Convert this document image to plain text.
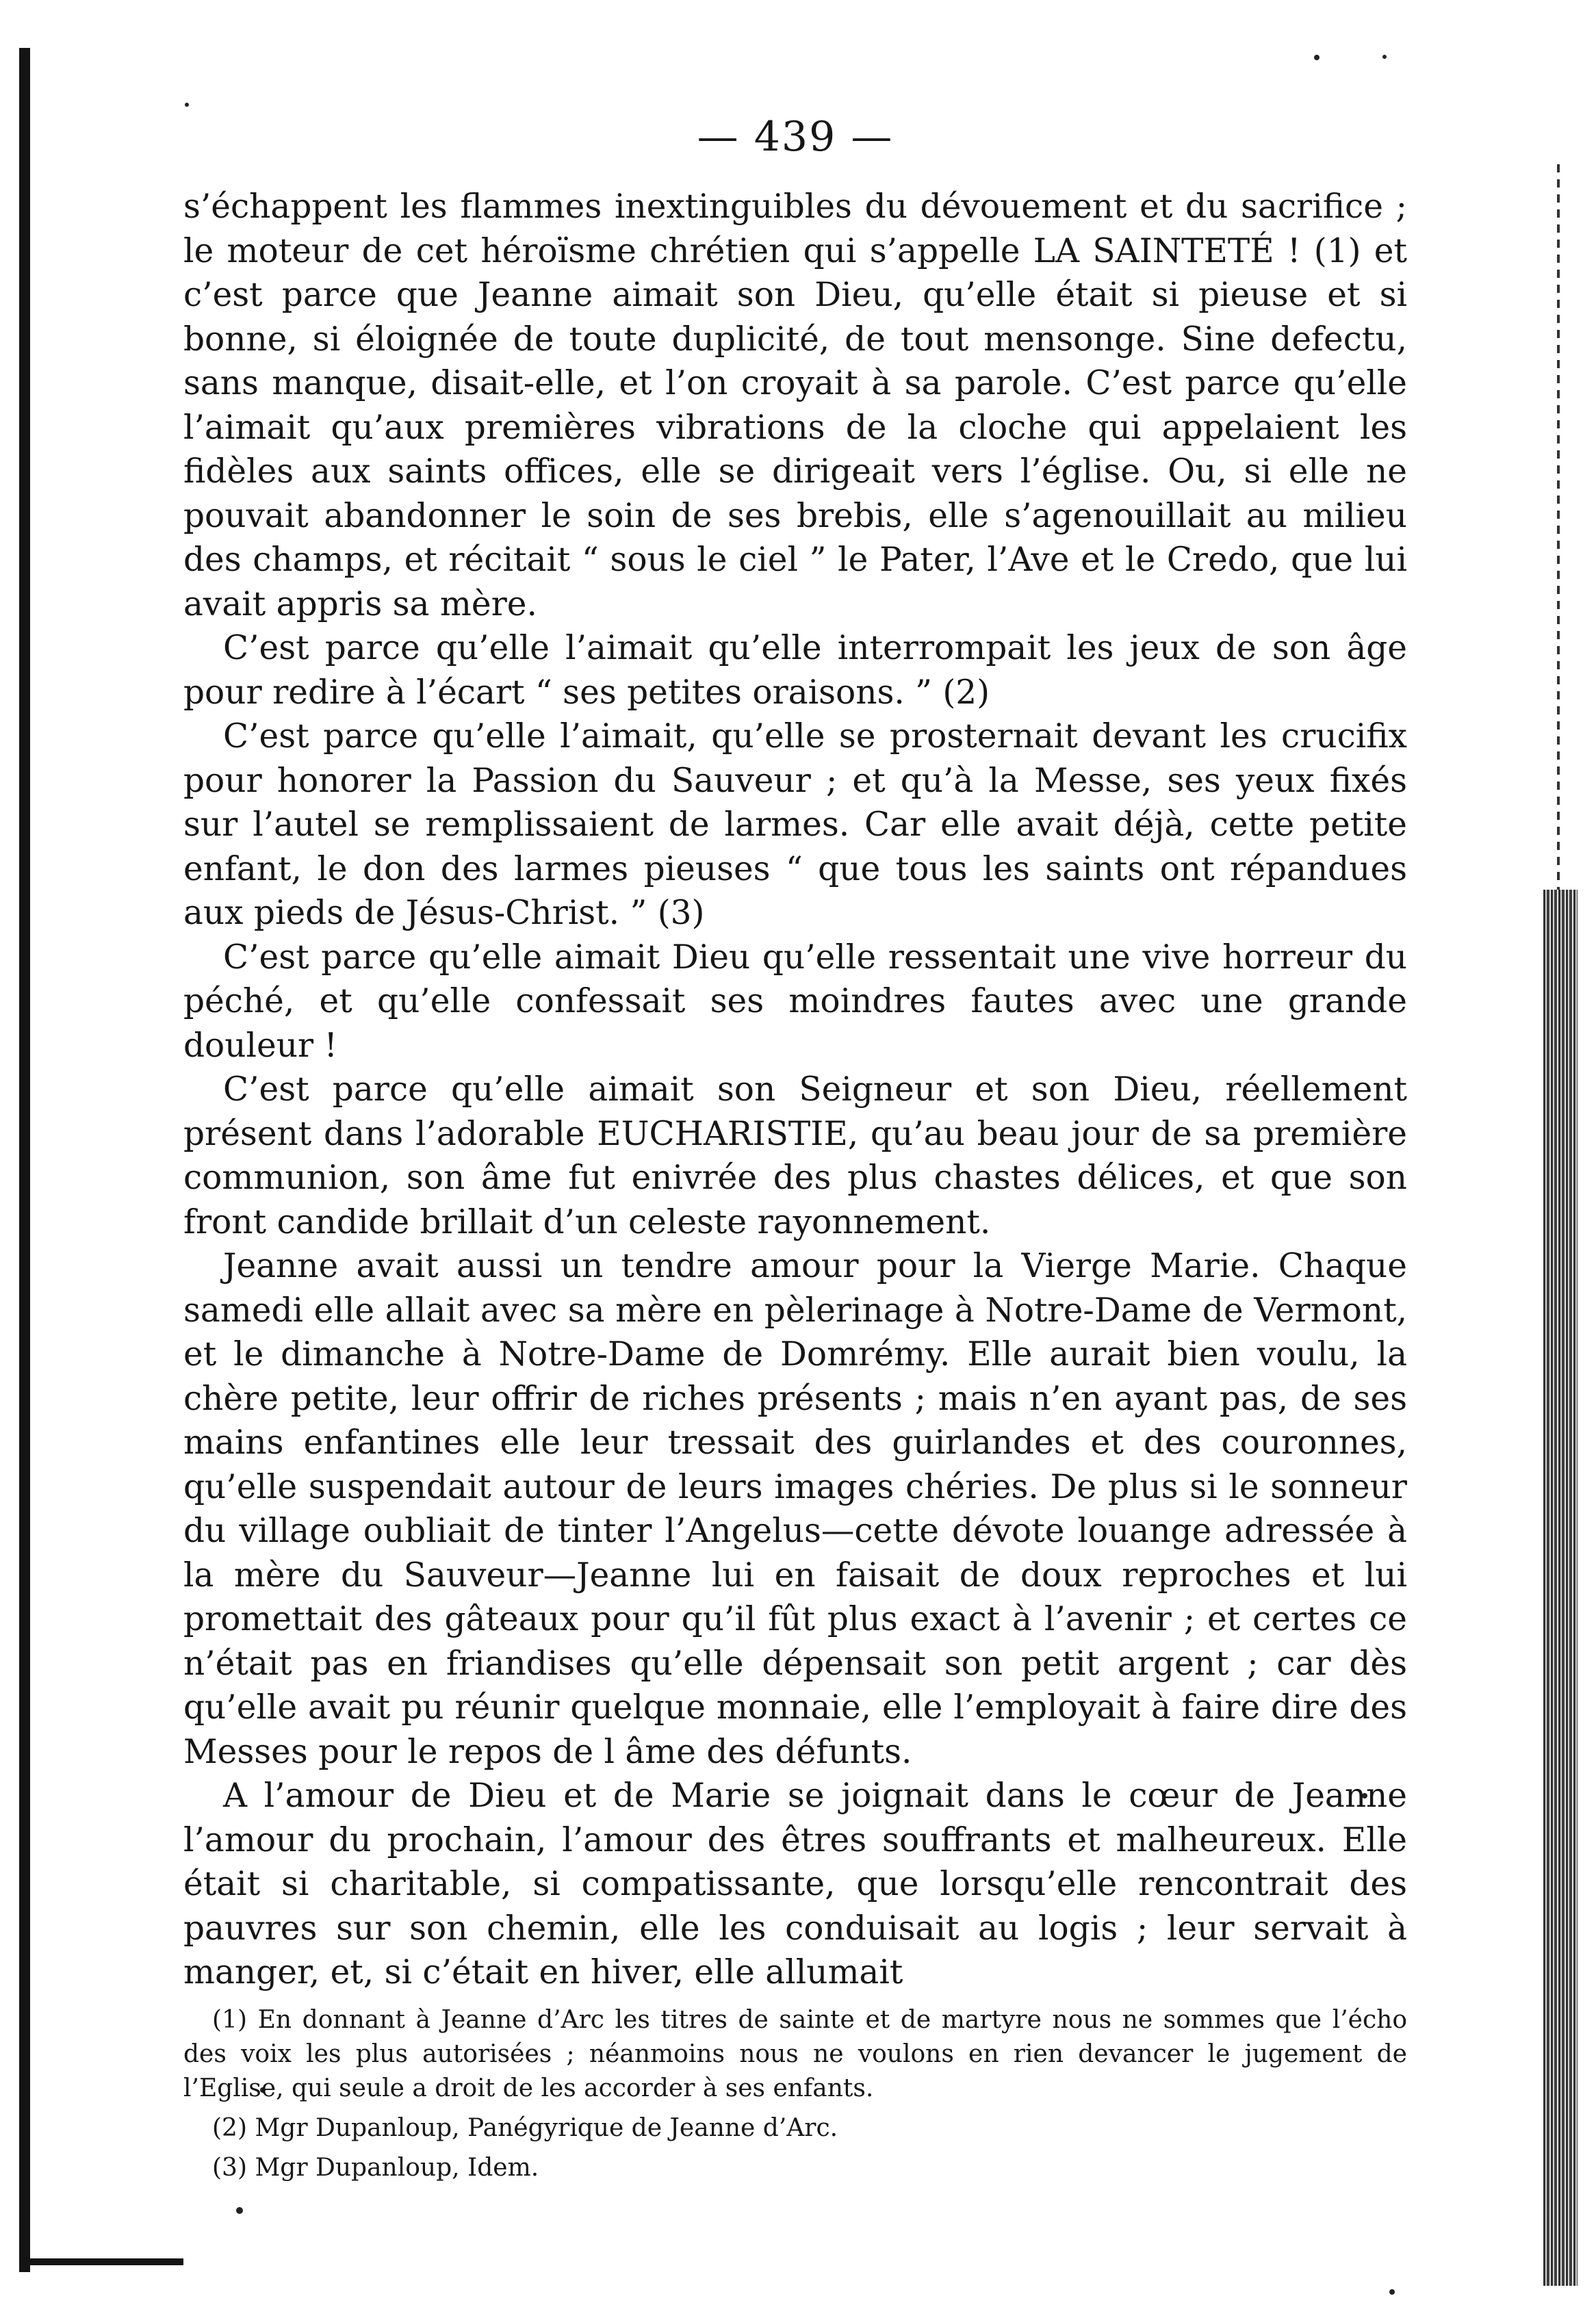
— 439 —

s’échappent les flammes inextinguibles du dévouement et du sacrifice ; le moteur de cet héroïsme chrétien qui s’appelle LA SAINTETÉ ! (1) et c’est parce que Jeanne aimait son Dieu, qu’elle était si pieuse et si bonne, si éloignée de toute duplicité, de tout mensonge. Sine defectu, sans manque, disait-elle, et l’on croyait à sa parole. C’est parce qu’elle l’aimait qu’aux premières vibrations de la cloche qui appelaient les fidèles aux saints offices, elle se dirigeait vers l’église. Ou, si elle ne pouvait abandonner le soin de ses brebis, elle s’agenouillait au milieu des champs, et récitait “ sous le ciel ” le Pater, l’Ave et le Credo, que lui avait appris sa mère.

C’est parce qu’elle l’aimait qu’elle interrompait les jeux de son âge pour redire à l’écart “ ses petites oraisons. ” (2)

C’est parce qu’elle l’aimait, qu’elle se prosternait devant les crucifix pour honorer la Passion du Sauveur ; et qu’à la Messe, ses yeux fixés sur l’autel se remplissaient de larmes. Car elle avait déjà, cette petite enfant, le don des larmes pieuses “ que tous les saints ont répandues aux pieds de Jésus-Christ. ” (3)

C’est parce qu’elle aimait Dieu qu’elle ressentait une vive horreur du péché, et qu’elle confessait ses moindres fautes avec une grande douleur !

C’est parce qu’elle aimait son Seigneur et son Dieu, réellement présent dans l’adorable EUCHARISTIE, qu’au beau jour de sa première communion, son âme fut enivrée des plus chastes délices, et que son front candide brillait d’un celeste rayonnement.

Jeanne avait aussi un tendre amour pour la Vierge Marie. Chaque samedi elle allait avec sa mère en pèlerinage à Notre-Dame de Vermont, et le dimanche à Notre-Dame de Domrémy. Elle aurait bien voulu, la chère petite, leur offrir de riches présents ; mais n’en ayant pas, de ses mains enfantines elle leur tressait des guirlandes et des couronnes, qu’elle suspendait autour de leurs images chéries. De plus si le sonneur du village oubliait de tinter l’Angelus—cette dévote louange adressée à la mère du Sauveur—Jeanne lui en faisait de doux reproches et lui promettait des gâteaux pour qu’il fût plus exact à l’avenir ; et certes ce n’était pas en friandises qu’elle dépensait son petit argent ; car dès qu’elle avait pu réunir quelque monnaie, elle l’employait à faire dire des Messes pour le repos de l âme des défunts.

A l’amour de Dieu et de Marie se joignait dans le cœur de Jeanne l’amour du prochain, l’amour des êtres souffrants et malheureux. Elle était si charitable, si compatissante, que lorsqu’elle rencontrait des pauvres sur son chemin, elle les conduisait au logis ; leur servait à manger, et, si c’était en hiver, elle allumait

(1) En donnant à Jeanne d’Arc les titres de sainte et de martyre nous ne sommes que l’écho des voix les plus autorisées ; néanmoins nous ne voulons en rien devancer le jugement de l’Eglise, qui seule a droit de les accorder à ses enfants.

(2) Mgr Dupanloup, Panégyrique de Jeanne d’Arc.

(3) Mgr Dupanloup, Idem.
